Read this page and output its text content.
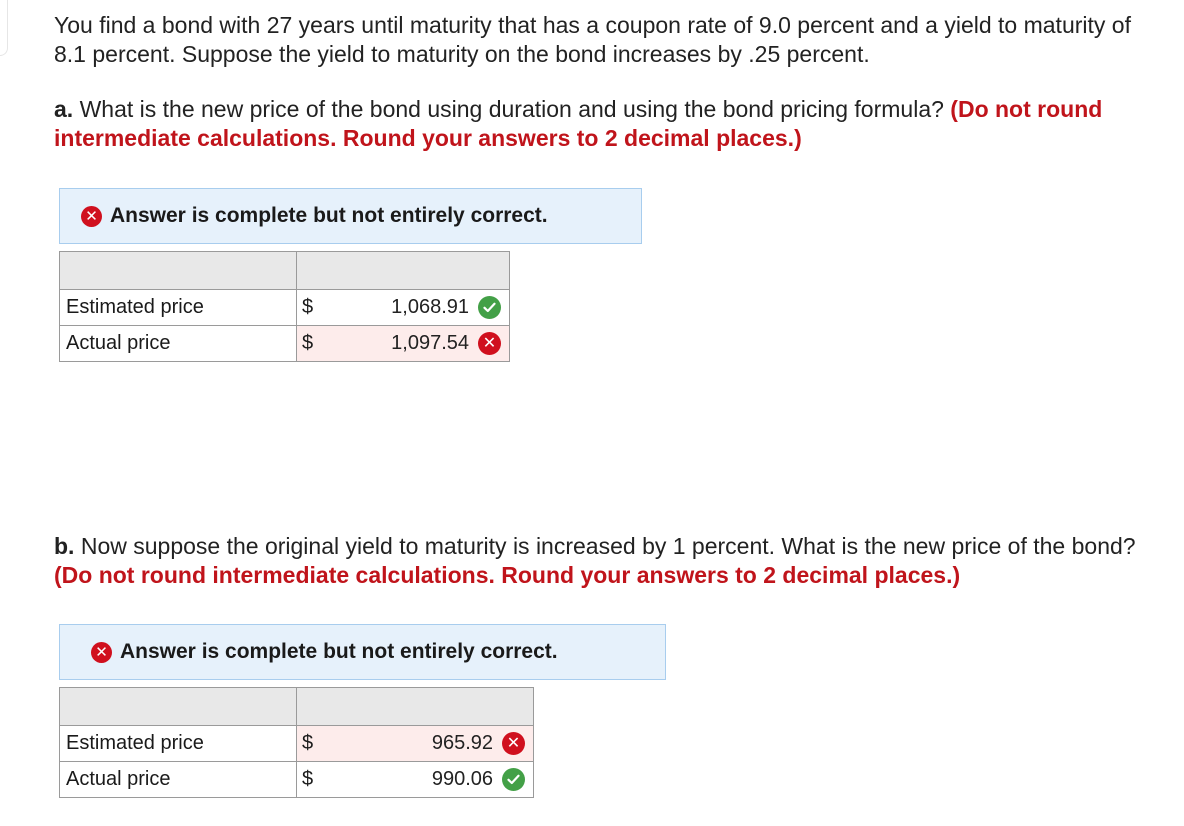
You find a bond with 27 years until maturity that has a coupon rate of 9.0 percent and a yield to maturity of 8.1 percent. Suppose the yield to maturity on the bond increases by .25 percent.

a. What is the new price of the bond using duration and using the bond pricing formula? (Do not round intermediate calculations. Round your answers to 2 decimal places.)

✕ Answer is complete but not entirely correct.

Estimated price	$ 1,068.91

Actual price	$ 1,097.54 ✕

b. Now suppose the original yield to maturity is increased by 1 percent. What is the new price of the bond? (Do not round intermediate calculations. Round your answers to 2 decimal places.)

✕ Answer is complete but not entirely correct.

Estimated price	$ 965.92 ✕

Actual price	$ 990.06
